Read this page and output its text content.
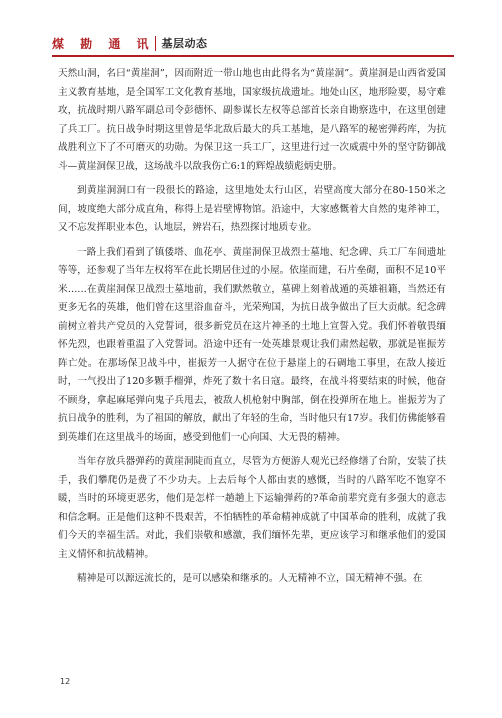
煤 勘 通 讯 基层动态

天然山洞，名曰“黄崖洞”，因而附近一带山地也由此得名为“黄崖洞”。黄崖洞是山西省爱国主义教育基地，是全国军工文化教育基地，国家级抗战遗址。地处山区，地形险要，易守难攻，抗战时期八路军副总司令彭德怀、副参谋长左权等总部首长亲自勘察选中，在这里创建了兵工厂。抗日战争时期这里曾是华北敌后最大的兵工基地，是八路军的秘密弹药库，为抗战胜利立下了不可磨灭的功勋。为保卫这一兵工厂，这里进行过一次威震中外的坚守防御战斗—黄崖洞保卫战，这场战斗以敌我伤亡6:1的辉煌战绩彪炳史册。

到黄崖洞洞口有一段很长的路途，这里地处太行山区，岩壁高度大部分在80-150米之间，坡度绝大部分成直角，称得上是岩壁博物馆。沿途中，大家感慨着大自然的鬼斧神工，又不忘发挥职业本色，认地层，辨岩石，热烈探讨地质专业。

一路上我们看到了镇倭塔、血花亭、黄崖洞保卫战烈士墓地、纪念碑、兵工厂车间遗址等等，还参观了当年左权将军在此长期居住过的小屋。依崖而建，石片垒砌，面积不足10平米……在黄崖洞保卫战烈士墓地前，我们默然敬立，墓碑上刻着战遁的英雄祖籍，当然还有更多无名的英雄，他们曾在这里浴血奋斗，光荣殉国，为抗日战争做出了巨大贡献。纪念碑前树立着共产党员的入党誓词，很多新党员在这片神圣的土地上宣誓入党。我们怀着敬畏缅怀先烈，也跟着重温了入党誓词。沿途中还有一处英雄景观让我们肃然起敬，那就是崔振芳阵亡处。在那场保卫战斗中，崔振芳一人据守在位于悬崖上的石碉地工事里，在敌人接近时，一气投出了120多颗手榴弹，炸死了数十名日寇。最终，在战斗将要结束的时候，他奋不顾身，拿起麻尾弹向鬼子兵甩去，被敌人机枪射中胸部，倒在投弹所在地上。崔振芳为了抗日战争的胜利，为了祖国的解放，献出了年轻的生命，当时他只有17岁。我们仿佛能够看到英雄们在这里战斗的场面，感受到他们一心向国、大无畏的精神。

当年存放兵器弹药的黄崖洞陡而直立，尽管为方便游人观光已经修缮了台阶，安装了扶手，我们攀爬仍是费了不少功夫。上去后每个人都由衷的感慨，当时的八路军吃不饱穿不暖，当时的环境更恶劣，他们是怎样一趟趟上下运输弹药的?革命前辈究竟有多强大的意志和信念啊。正是他们这种不畏艰苦，不怕牺牲的革命精神成就了中国革命的胜利，成就了我们今天的幸福生活。对此，我们崇敬和感激，我们缅怀先辈，更应该学习和继承他们的爱国主义情怀和抗战精神。

精神是可以源远流长的，是可以感染和继承的。人无精神不立，国无精神不强。在

12
